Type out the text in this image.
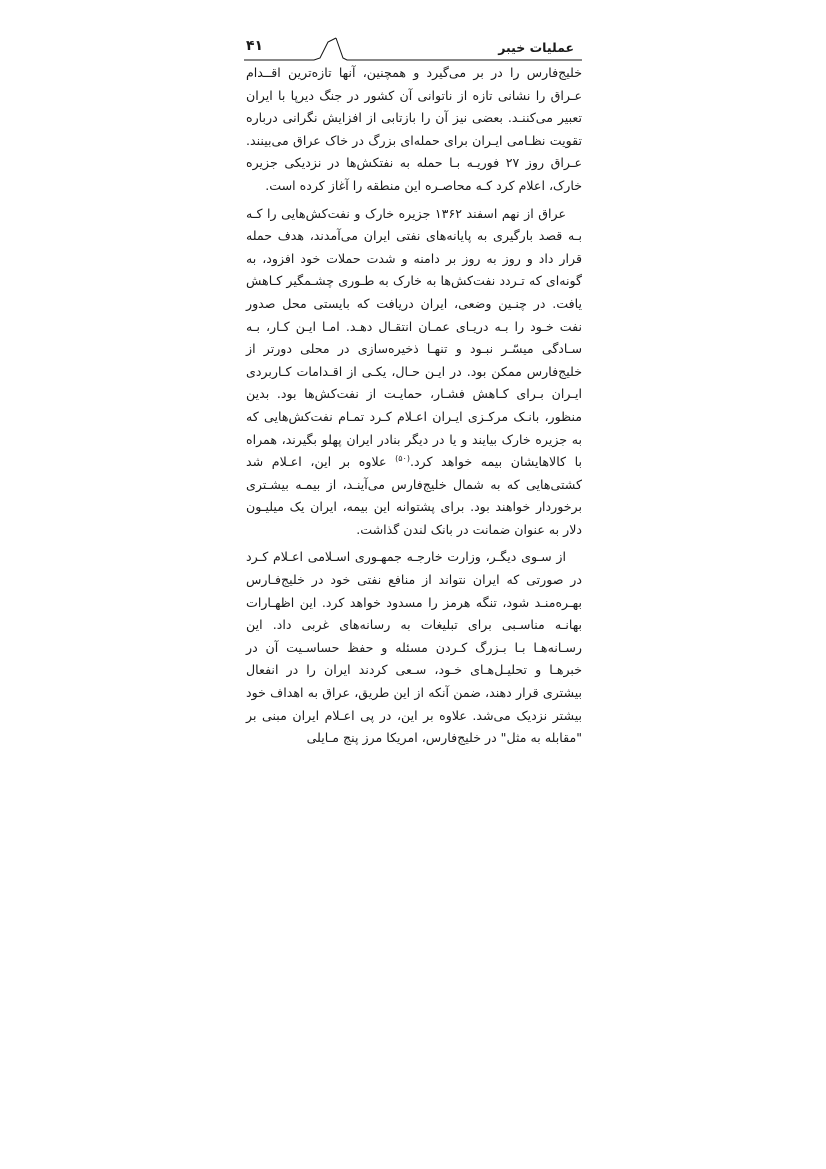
۴۱	عملیات خیبر

خلیج‌فارس را در بر می‌گیرد و همچنین، آنها تازه‌ترین اقــدام عـراق را نشانی تازه از ناتوانی آن کشور در جنگ دیرپا با ایران تعبیر می‌کننـد. بعضی نیز آن را بازتابی از افزایش نگرانی درباره تقویت نظـامی ایـران برای حمله‌ای بزرگ در خاک عراق می‌بینند. عـراق روز ۲۷ فوریـه بـا حمله به نفتکش‌ها در نزدیکی جزیره خارک، اعلام کرد کـه محاصـره این منطقه را آغاز کرده است.

عراق از نهم اسفند ۱۳۶۲ جزیره خارک و نفت‌کش‌هایی را کـه بـه قصد بارگیری به پایانه‌های نفتی ایران می‌آمدند، هدف حمله قرار داد و روز به روز بر دامنه و شدت حملات خود افزود، به گونه‌ای که تـردد نفت‌کش‌ها به خارک به طـوری چشـمگیر کـاهش یافت. در چنـین وضعی، ایران دریافت که بایستی محل صدور نفت خـود را بـه دریـای عمـان انتقـال دهـد. امـا ایـن کـار، بـه سـادگی میسّـر نبـود و تنهـا ذخیره‌سازی در محلی دورتر از خلیج‌فارس ممکن بود. در ایـن حـال، یکـی از اقـدامات کـاربردی ایـران بـرای کـاهش فشـار، حمایـت از نفت‌کش‌ها بود. بدین منظور، بانـک مرکـزی ایـران اعـلام کـرد تمـام نفت‌کش‌هایی که به جزیره خارک بیایند و یا در دیگر بنادر ایران پهلو بگیرند، همراه با کالاهایشان بیمه خواهد کرد.$^{(۵۰)}$ علاوه بر این، اعـلام شد کشتی‌هایی که به شمال خلیج‌فارس می‌آینـد، از بیمـه بیشـتری برخوردار خواهند بود. برای پشتوانه این بیمه، ایران یک میلیـون دلار به عنوان ضمانت در بانک لندن گذاشت.

از سـوی دیگـر، وزارت خارجـه جمهـوری اسـلامی اعـلام کـرد در صورتی که ایران نتواند از منافع نفتی خود در خلیج‌فـارس بهـره‌منـد شود، تنگه هرمز را مسدود خواهد کرد. این اظهـارات بهانـه مناسـبی برای تبلیغات به رسانه‌های غربی داد. این رسـانه‌هـا بـا بـزرگ کـردن مسئله و حفظ حساسـیت آن در خبرهـا و تحلیـل‌هـای خـود، سـعی کردند ایران را در انفعال بیشتری قرار دهند، ضمن آنکه از این طریق، عراق به اهداف خود بیشتر نزدیک می‌شد. علاوه بر این، در پی اعـلام ایران مبنی بر "مقابله به مثل" در خلیج‌فارس، امریکا مرز پنج مـایلی
